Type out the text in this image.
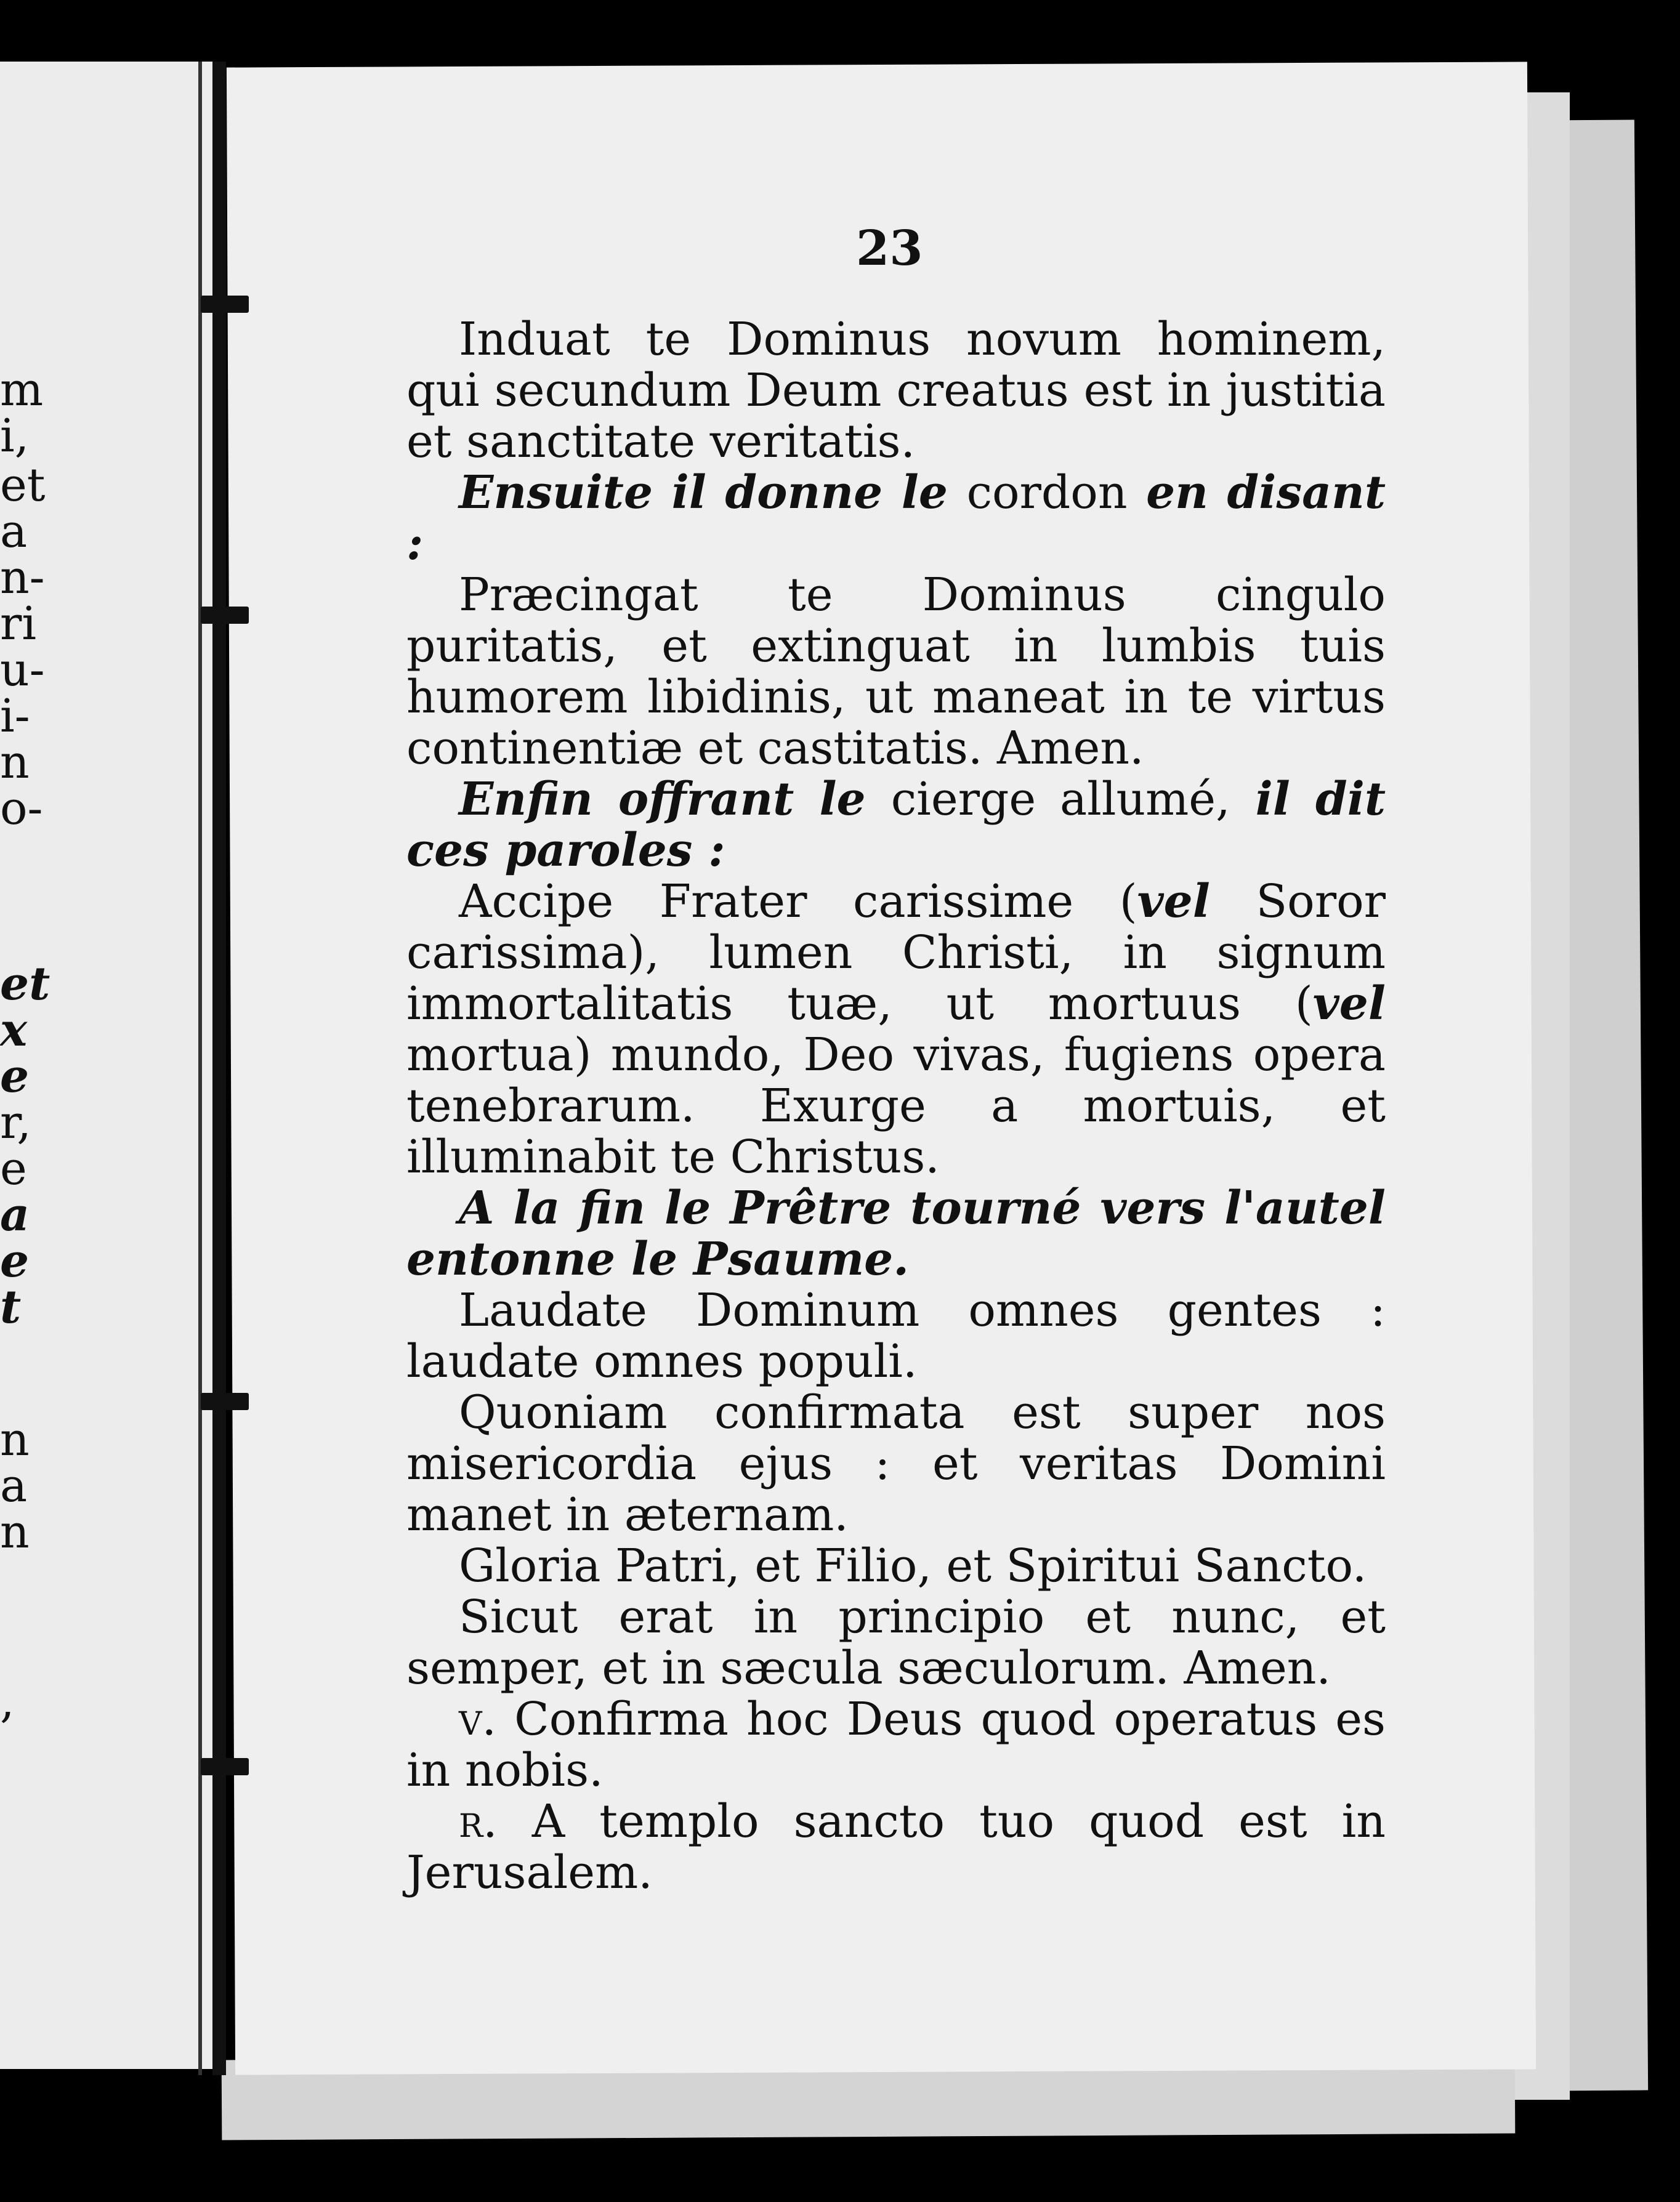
m
i,
et
a
n-
ri
u-
i-
n
o-
et
x
e
r,
e
a
e
t
n
a
n
,
23

Induat te Dominus novum hominem, qui secundum Deum creatus est in justitia et sanctitate veritatis.

Ensuite il donne le cordon en disant :

Præcingat te Dominus cingulo puritatis, et extinguat in lumbis tuis humorem libidinis, ut maneat in te virtus continentiæ et castitatis. Amen.

Enfin offrant le cierge allumé, il dit ces paroles :

Accipe Frater carissime (vel Soror carissima), lumen Christi, in signum immortalitatis tuæ, ut mortuus (vel mortua) mundo, Deo vivas, fugiens opera tenebrarum. Exurge a mortuis, et illuminabit te Christus.

A la fin le Prêtre tourné vers l'autel entonne le Psaume.

Laudate Dominum omnes gentes : laudate omnes populi.

Quoniam confirmata est super nos misericordia ejus : et veritas Domini manet in æternam.

Gloria Patri, et Filio, et Spiritui Sancto.

Sicut erat in principio et nunc, et semper, et in sæcula sæculorum. Amen.

v. Confirma hoc Deus quod operatus es in nobis.

r. A templo sancto tuo quod est in Jerusalem.
